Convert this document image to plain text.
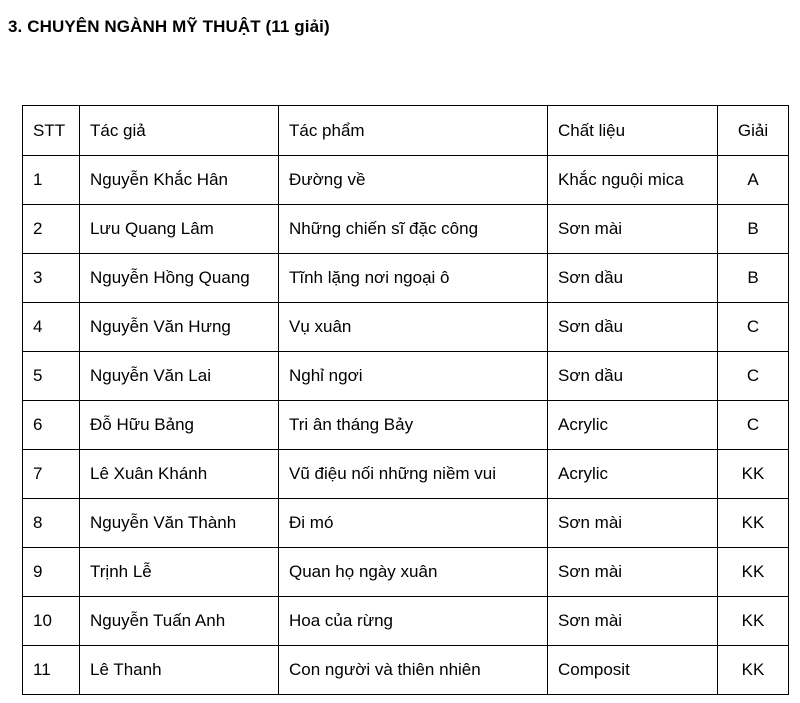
3. CHUYÊN NGÀNH MỸ THUẬT (11 giải)
STT	Tác giả	Tác phẩm	Chất liệu	Giải
1	Nguyễn Khắc Hân	Đường về	Khắc nguội mica	A
2	Lưu Quang Lâm	Những chiến sĩ đặc công	Sơn mài	B
3	Nguyễn Hồng Quang	Tĩnh lặng nơi ngoại ô	Sơn dầu	B
4	Nguyễn Văn Hưng	Vụ xuân	Sơn dầu	C
5	Nguyễn Văn Lai	Nghỉ ngơi	Sơn dầu	C
6	Đỗ Hữu Bảng	Tri ân tháng Bảy	Acrylic	C
7	Lê Xuân Khánh	Vũ điệu nối những niềm vui	Acrylic	KK
8	Nguyễn Văn Thành	Đi mó	Sơn mài	KK
9	Trịnh Lễ	Quan họ ngày xuân	Sơn mài	KK
10	Nguyễn Tuấn Anh	Hoa của rừng	Sơn mài	KK
11	Lê Thanh	Con người và thiên nhiên	Composit	KK
